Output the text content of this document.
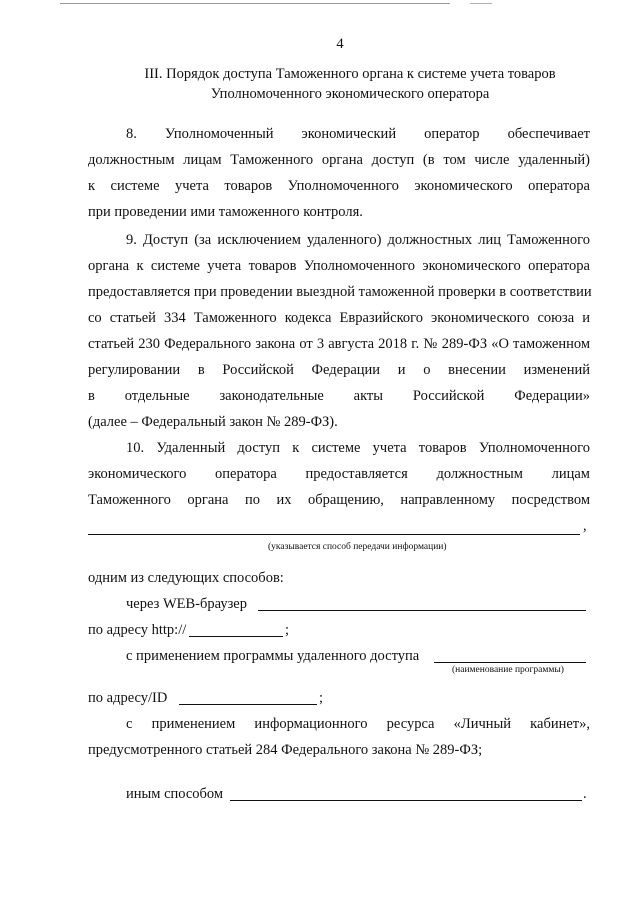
4
III. Порядок доступа Таможенного органа к системе учета товаров
Уполномоченного экономического оператора
8. Уполномоченный экономический оператор обеспечивает
должностным лицам Таможенного органа доступ (в том числе удаленный)
к системе учета товаров Уполномоченного экономического оператора
при проведении ими таможенного контроля.
9. Доступ (за исключением удаленного) должностных лиц Таможенного
органа к системе учета товаров Уполномоченного экономического оператора
предоставляется при проведении выездной таможенной проверки в соответствии
со статьей 334 Таможенного кодекса Евразийского экономического союза и
статьей 230 Федерального закона от 3 августа 2018 г. № 289-ФЗ «О таможенном
регулировании в Российской Федерации и о внесении изменений
в отдельные законодательные акты Российской Федерации»
(далее – Федеральный закон № 289-ФЗ).
10. Удаленный доступ к системе учета товаров Уполномоченного
экономического оператора предоставляется должностным лицам
Таможенного органа по их обращению, направленному посредством
,
(указывается способ передачи информации)
одним из следующих способов:
через WEB-браузер
по адресу http://	;
с применением программы удаленного доступа
(наименование программы)
по адресу/ID	;
с применением информационного ресурса «Личный кабинет»,
предусмотренного статьей 284 Федерального закона № 289-ФЗ;
иным способом	.
